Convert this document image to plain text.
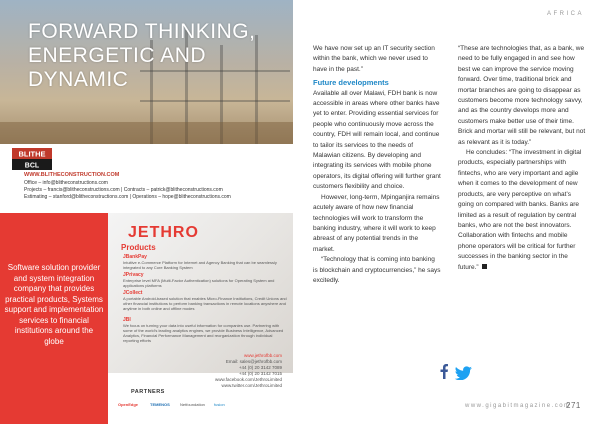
AFRICA
FORWARD THINKING,
ENERGETIC AND DYNAMIC
BLITHE
BCL
WWW.BLITHECONSTRUCTION.COM
Office – info@blitheconstructions.com
Projects – francis@blitheconstructions.com | Contracts – patrick@blitheconstructions.com
Estimating – stanford@blitheconstructions.com | Operations – hope@blitheconstructions.com
Software solution provider and system integration company that provides practical products, Systems support and implementation services to financial institutions around the globe
JETHRO
Products
JBankPay
Intuitive e-Commerce Platform for Internet and Agency Banking that can be seamlessly integrated to any Core Banking System
JPrivacy
Enterprise level MFA (Multi-Factor Authentication) solutions for Operating System and applications platforms
JCollect
A portable Android-based solution that enables Micro-Finance Institutions, Credit Unions and other financial institutions to perform banking transactions in remote locations anywhere and anytime in both online and offline modes
JBI
We focus on turning your data into useful information for companies use. Partnering with some of the world's leading analytics engines, we provide Business Intelligence, Advanced Analytics, Financial Performance Management and reorganization through individual reporting efforts
www.jethrofbb.com
Email: sales@jethrofbb.com
+44 (0) 20 3142 7089
+44 (0) 20 3142 7015
www.facebook.com/JethroLimited
www.twitter.com/JethroLimited
PARTNERS
OpenEdge	TEMENOS	Netfoundation fusion

We have now set up an IT security section within the bank, which we never used to have in the past.”

Future developments

Available all over Malawi, FDH bank is now accessible in areas where other banks have yet to enter. Providing essential services for people who continuously move across the country, FDH will remain local, and continue to tailor its services to the needs of Malawian citizens. By developing and integrating its services with mobile phone operators, its digital offering will further grant customers flexibility and choice.

However, long-term, Mpinganjira remains acutely aware of how new financial technologies will work to transform the banking industry, where it will work to keep abreast of any potential trends in the market.

“Technology that is coming into banking is blockchain and cryptocurrencies,” he says excitedly.

“These are technologies that, as a bank, we need to be fully engaged in and see how best we can improve the service moving forward. Over time, traditional brick and mortar branches are going to disappear as customers become more technology savvy, and as the country develops more and customers make better use of their time. Brick and mortar will still be relevant, but not as relevant as it is today.”

He concludes: “The investment in digital products, especially partnerships with fintechs, who are very important and agile when it comes to the development of new products, are very perceptive on what’s going on compared with banks. Banks are limited as a result of regulation by central banks, who are not the best innovators. Collaboration with fintechs and mobile phone operators will be critical for further successes in the banking sector in the future.”

www.gigabitmagazine.com
271
